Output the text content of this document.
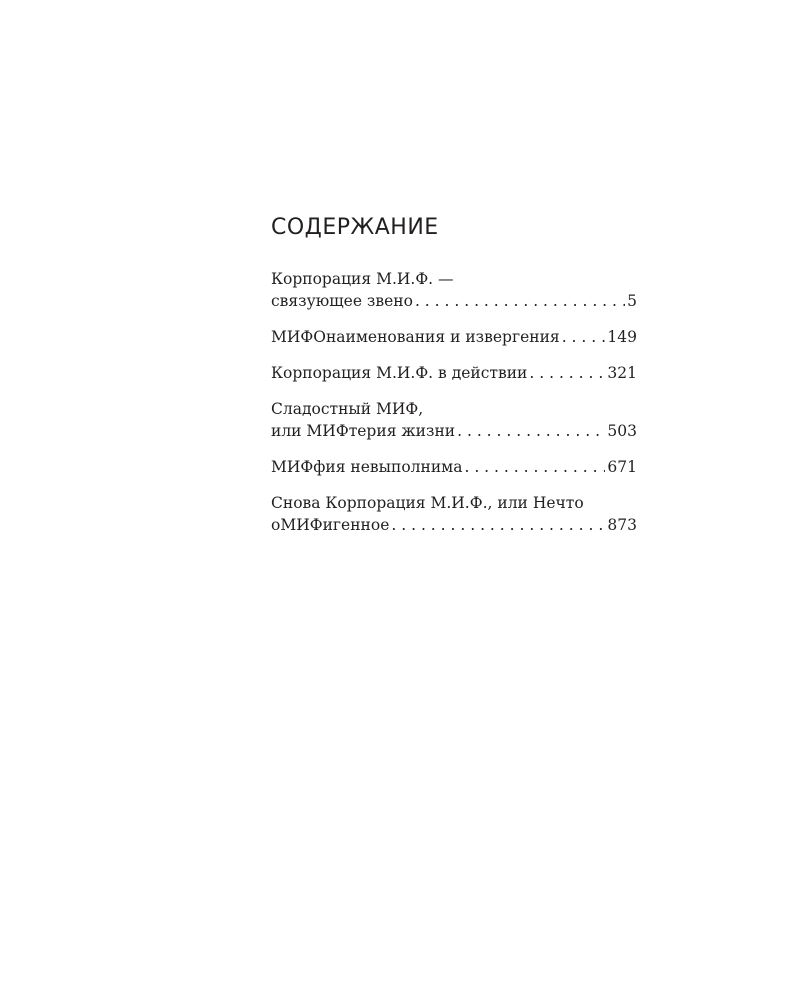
СОДЕРЖАНИЕ
Корпорация М.И.Ф. —
связующее звено . . .	5
МИФОнаименования и извергения . . .	149
Корпорация М.И.Ф. в действии . . .	321
Сладостный МИФ,
или МИФтерия жизни . . .	503
МИФфия невыполнима . . .	671
Снова Корпорация М.И.Ф., или Нечто
оМИФигенное . . .	873
